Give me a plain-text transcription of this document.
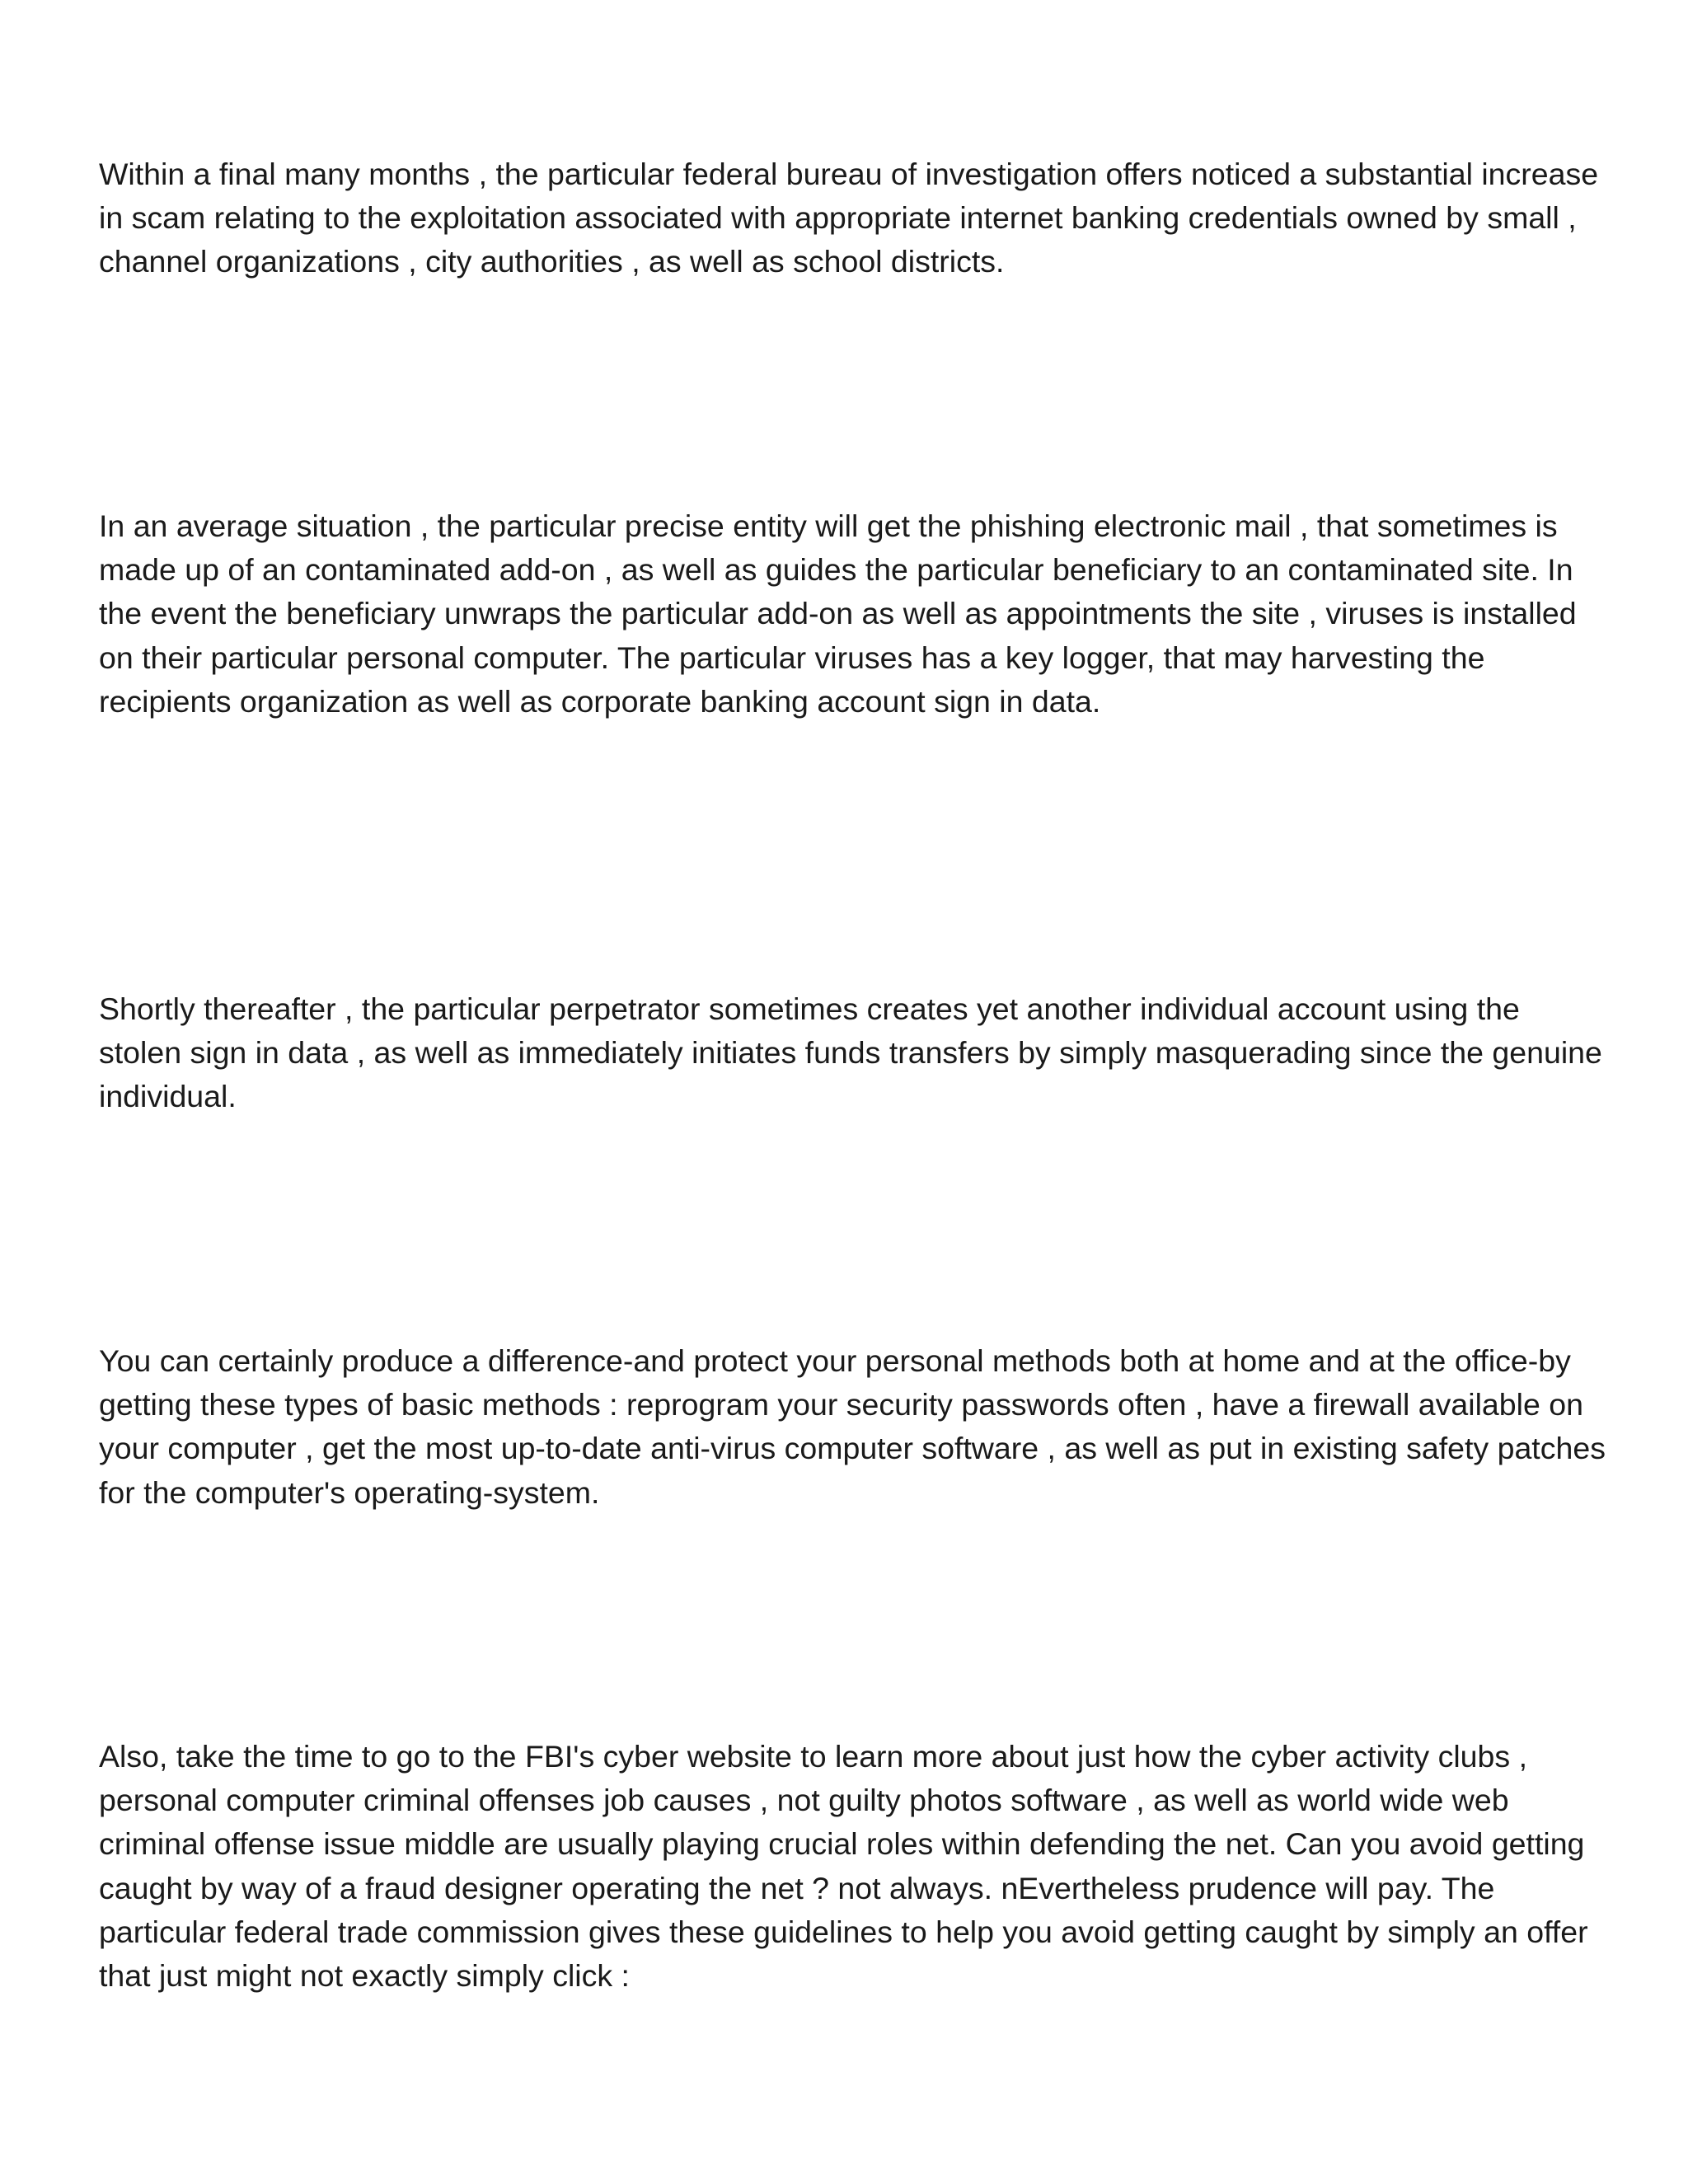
Within a final many months , the particular federal bureau of investigation offers noticed a substantial increase in scam relating to the exploitation associated with appropriate internet banking credentials owned by small , channel organizations , city authorities , as well as school districts.

In an average situation , the particular precise entity will get the phishing electronic mail , that sometimes is made up of an contaminated add-on , as well as guides the particular beneficiary to an contaminated site. In the event the beneficiary unwraps the particular add-on as well as appointments the site , viruses is installed on their particular personal computer. The particular viruses has a key logger, that may harvesting the recipients organization as well as corporate banking account sign in data.

Shortly thereafter , the particular perpetrator sometimes creates yet another individual account using the stolen sign in data , as well as immediately initiates funds transfers by simply masquerading since the genuine individual.

You can certainly produce a difference-and protect your personal methods both at home and at the office-by getting these types of basic methods : reprogram your security passwords often , have a firewall available on your computer , get the most up-to-date anti-virus computer software , as well as put in existing safety patches for the computer's operating-system.

Also, take the time to go to the FBI's cyber website to learn more about just how the cyber activity clubs , personal computer criminal offenses job causes , not guilty photos software , as well as world wide web criminal offense issue middle are usually playing crucial roles within defending the net. Can you avoid getting caught by way of a fraud designer operating the net ? not always. nEvertheless prudence will pay. The particular federal trade commission gives these guidelines to help you avoid getting caught by simply an offer that just might not exactly simply click :
